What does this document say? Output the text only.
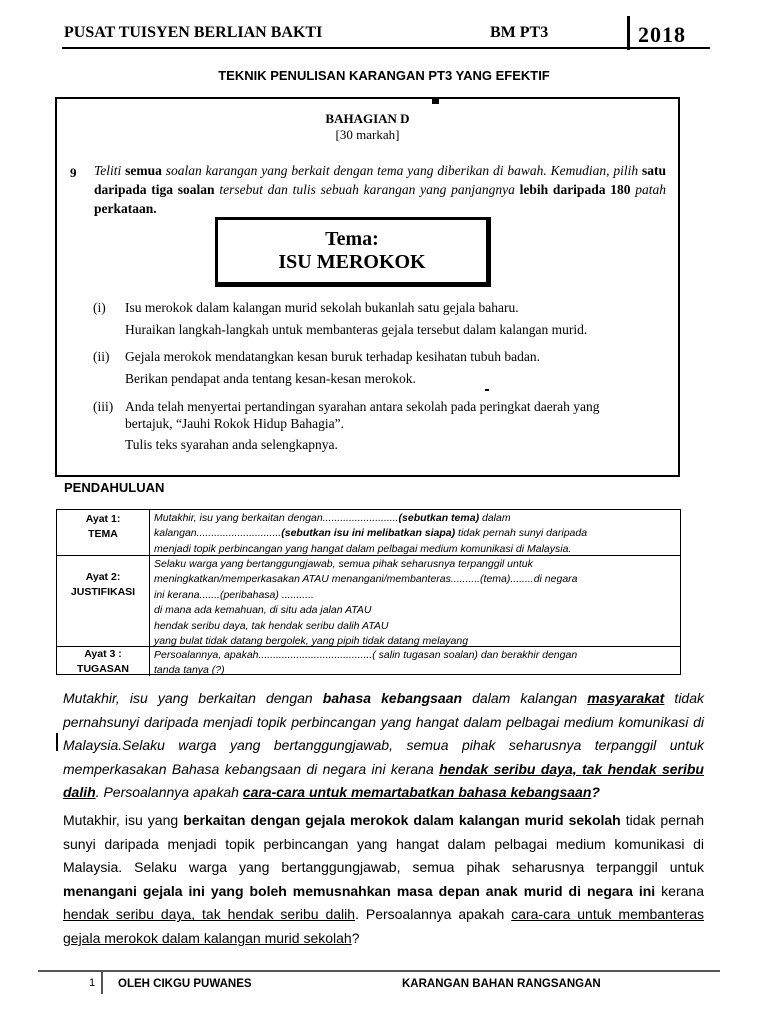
PUSAT TUISYEN BERLIAN BAKTI	BM PT3	2018
TEKNIK PENULISAN KARANGAN PT3 YANG EFEKTIF
BAHAGIAN D
[30 markah]
9 Teliti semua soalan karangan yang berkait dengan tema yang diberikan di bawah. Kemudian, pilih satu daripada tiga soalan tersebut dan tulis sebuah karangan yang panjangnya lebih daripada 180 patah perkataan.
Tema:
ISU MEROKOK
(i) Isu merokok dalam kalangan murid sekolah bukanlah satu gejala baharu.
Huraikan langkah-langkah untuk membanteras gejala tersebut dalam kalangan murid.
(ii) Gejala merokok mendatangkan kesan buruk terhadap kesihatan tubuh badan.
Berikan pendapat anda tentang kesan-kesan merokok.
(iii) Anda telah menyertai pertandingan syarahan antara sekolah pada peringkat daerah yang
bertajuk, “Jauhi Rokok Hidup Bahagia”.
Tulis teks syarahan anda selengkapnya.
PENDAHULUAN
Ayat 1:
TEMA
Mutakhir, isu yang berkaitan dengan..........................(sebutkan tema) dalam
kalangan.............................(sebutkan isu ini melibatkan siapa) tidak pernah sunyi daripada
menjadi topik perbincangan yang hangat dalam pelbagai medium komunikasi di Malaysia.
Ayat 2:
JUSTIFIKASI
Selaku warga yang bertanggungjawab, semua pihak seharusnya terpanggil untuk
meningkatkan/memperkasakan ATAU menangani/membanteras..........(tema)........di negara
ini kerana.......(peribahasa) ...........
di mana ada kemahuan, di situ ada jalan ATAU
hendak seribu daya, tak hendak seribu dalih ATAU
yang bulat tidak datang bergolek, yang pipih tidak datang melayang
Ayat 3 :
TUGASAN
Persoalannya, apakah.......................................( salin tugasan soalan) dan berakhir dengan
tanda tanya (?)
Mutakhir, isu yang berkaitan dengan bahasa kebangsaan dalam kalangan masyarakat tidak pernahsunyi daripada menjadi topik perbincangan yang hangat dalam pelbagai medium komunikasi di Malaysia.Selaku warga yang bertanggungjawab, semua pihak seharusnya terpanggil untuk memperkasakan Bahasa kebangsaan di negara ini kerana hendak seribu daya, tak hendak seribu dalih. Persoalannya apakah cara-cara untuk memartabatkan bahasa kebangsaan?
Mutakhir, isu yang berkaitan dengan gejala merokok dalam kalangan murid sekolah tidak pernah sunyi daripada menjadi topik perbincangan yang hangat dalam pelbagai medium komunikasi di Malaysia. Selaku warga yang bertanggungjawab, semua pihak seharusnya terpanggil untuk menangani gejala ini yang boleh memusnahkan masa depan anak murid di negara ini kerana hendak seribu daya, tak hendak seribu dalih. Persoalannya apakah cara-cara untuk membanteras gejala merokok dalam kalangan murid sekolah?
1 OLEH CIKGU PUWANES	KARANGAN BAHAN RANGSANGAN
